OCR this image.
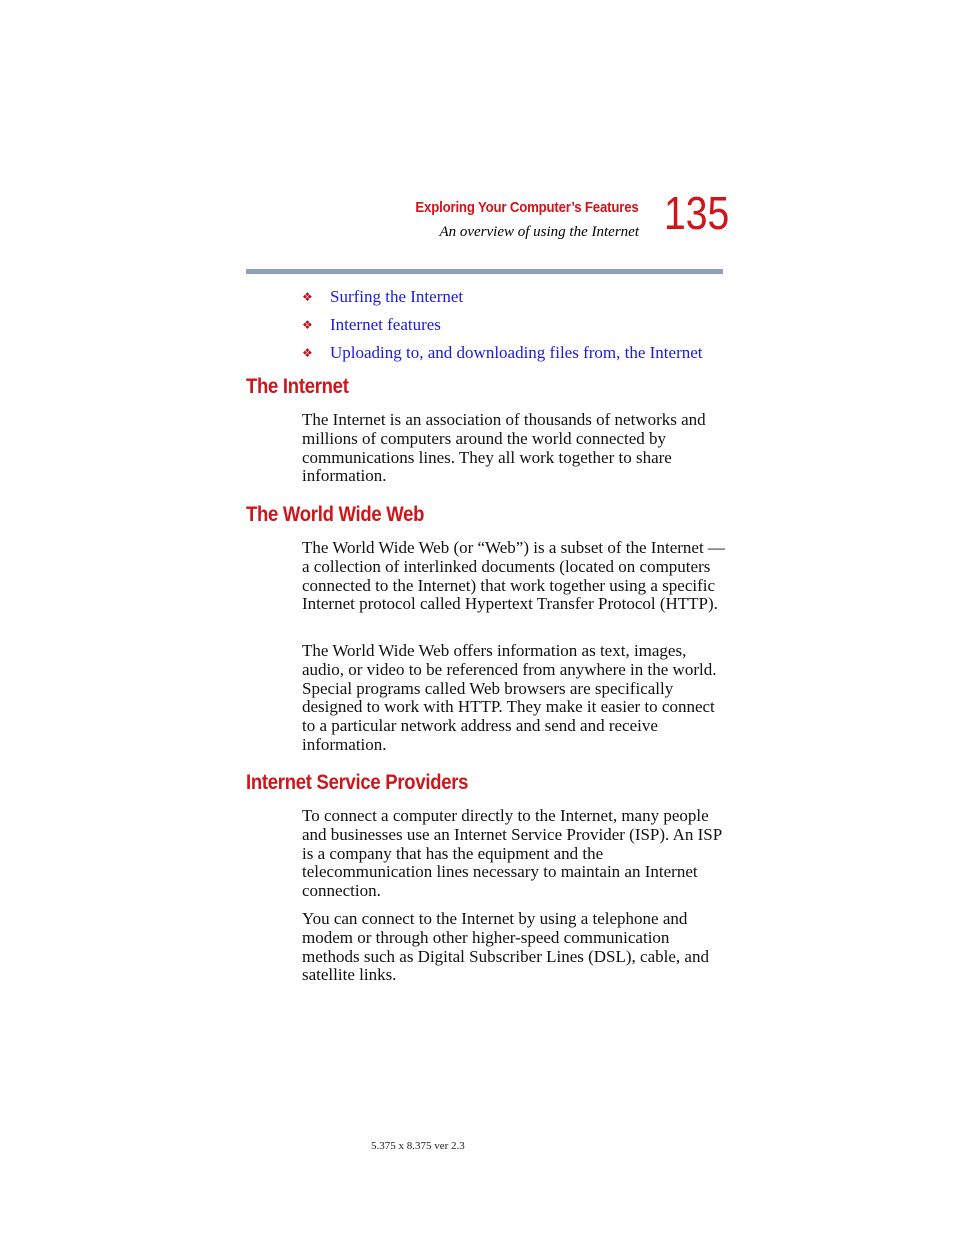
Exploring Your Computer’s Features
An overview of using the Internet 135
❖	Surfing the Internet
❖	Internet features
❖	Uploading to, and downloading files from, the Internet
The Internet

The Internet is an association of thousands of networks and millions of computers around the world connected by communications lines. They all work together to share information.

The World Wide Web

The World Wide Web (or “Web”) is a subset of the Internet — a collection of interlinked documents (located on computers connected to the Internet) that work together using a specific Internet protocol called Hypertext Transfer Protocol (HTTP).

The World Wide Web offers information as text, images, audio, or video to be referenced from anywhere in the world. Special programs called Web browsers are specifically designed to work with HTTP. They make it easier to connect to a particular network address and send and receive information.

Internet Service Providers

To connect a computer directly to the Internet, many people and businesses use an Internet Service Provider (ISP). An ISP is a company that has the equipment and the telecommunication lines necessary to maintain an Internet connection.

You can connect to the Internet by using a telephone and modem or through other higher-speed communication methods such as Digital Subscriber Lines (DSL), cable, and satellite links.

5.375 x 8.375 ver 2.3
